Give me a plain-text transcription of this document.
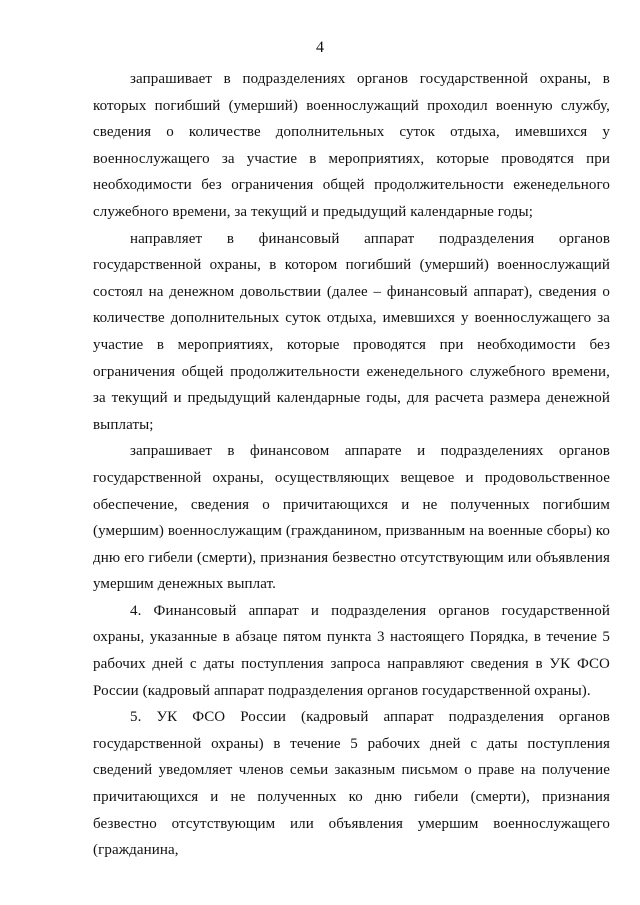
4

запрашивает в подразделениях органов государственной охраны, в которых погибший (умерший) военнослужащий проходил военную службу, сведения о количестве дополнительных суток отдыха, имевшихся у военнослужащего за участие в мероприятиях, которые проводятся при необходимости без ограничения общей продолжительности еженедельного служебного времени, за текущий и предыдущий календарные годы;

направляет в финансовый аппарат подразделения органов государственной охраны, в котором погибший (умерший) военнослужащий состоял на денежном довольствии (далее – финансовый аппарат), сведения о количестве дополнительных суток отдыха, имевшихся у военнослужащего за участие в мероприятиях, которые проводятся при необходимости без ограничения общей продолжительности еженедельного служебного времени, за текущий и предыдущий календарные годы, для расчета размера денежной выплаты;

запрашивает в финансовом аппарате и подразделениях органов государственной охраны, осуществляющих вещевое и продовольственное обеспечение, сведения о причитающихся и не полученных погибшим (умершим) военнослужащим (гражданином, призванным на военные сборы) ко дню его гибели (смерти), признания безвестно отсутствующим или объявления умершим денежных выплат.

4. Финансовый аппарат и подразделения органов государственной охраны, указанные в абзаце пятом пункта 3 настоящего Порядка, в течение 5 рабочих дней с даты поступления запроса направляют сведения в УК ФСО России (кадровый аппарат подразделения органов государственной охраны).

5. УК ФСО России (кадровый аппарат подразделения органов государственной охраны) в течение 5 рабочих дней с даты поступления сведений уведомляет членов семьи заказным письмом о праве на получение причитающихся и не полученных ко дню гибели (смерти), признания безвестно отсутствующим или объявления умершим военнослужащего (гражданина,
